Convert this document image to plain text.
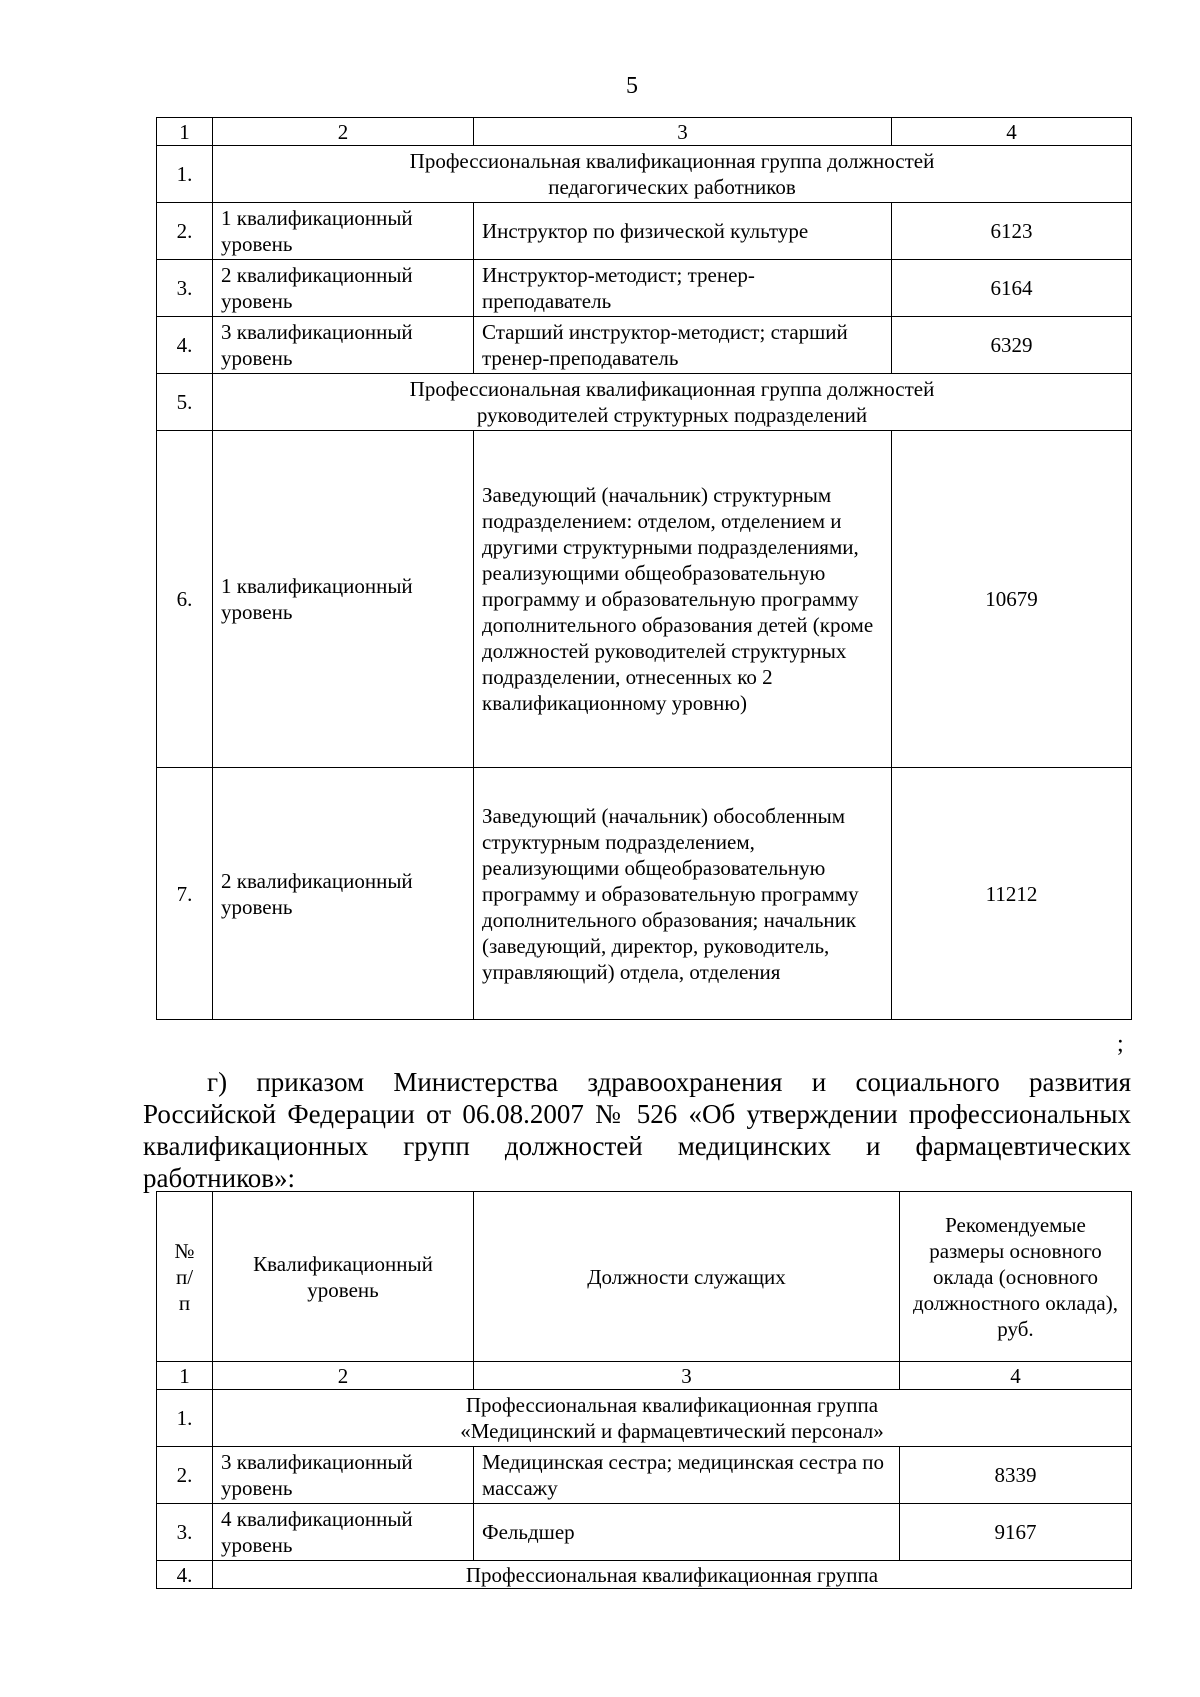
5
1	2	3	4
1.	Профессиональная квалификационная группа должностей педагогических работников		
2.	1 квалификационный уровень	Инструктор по физической культуре	6123
3.	2 квалификационный уровень	Инструктор-методист; тренер-преподаватель	6164
4.	3 квалификационный уровень	Старший инструктор-методист; старший тренер-преподаватель	6329
5.	Профессиональная квалификационная группа должностей руководителей структурных подразделений		
6.	1 квалификационный уровень	Заведующий (начальник) структурным подразделением: отделом, отделением и другими структурными подразделениями, реализующими общеобразовательную программу и образовательную программу дополнительного образования детей (кроме должностей руководителей структурных подразделении, отнесенных ко 2 квалификационному уровню)	10679
7.	2 квалификационный уровень	Заведующий (начальник) обособленным структурным подразделением, реализующими общеобразовательную программу и образовательную программу дополнительного образования; начальник (заведующий, директор, руководитель, управляющий) отдела, отделения	11212
;
г) приказом Министерства здравоохранения и социального развития Российской Федерации от 06.08.2007 № 526 «Об утверждении профессиональных квалификационных групп должностей медицинских и фармацевтических работников»:
№ п/п	Квалификационный уровень	Должности служащих	Рекомендуемые размеры основного оклада (основного должностного оклада), руб.
1	2	3	4
1.	Профессиональная квалификационная группа «Медицинский и фармацевтический персонал»		
2.	3 квалификационный уровень	Медицинская сестра; медицинская сестра по массажу	8339
3.	4 квалификационный уровень	Фельдшер	9167
4.	Профессиональная квалификационная группа		
